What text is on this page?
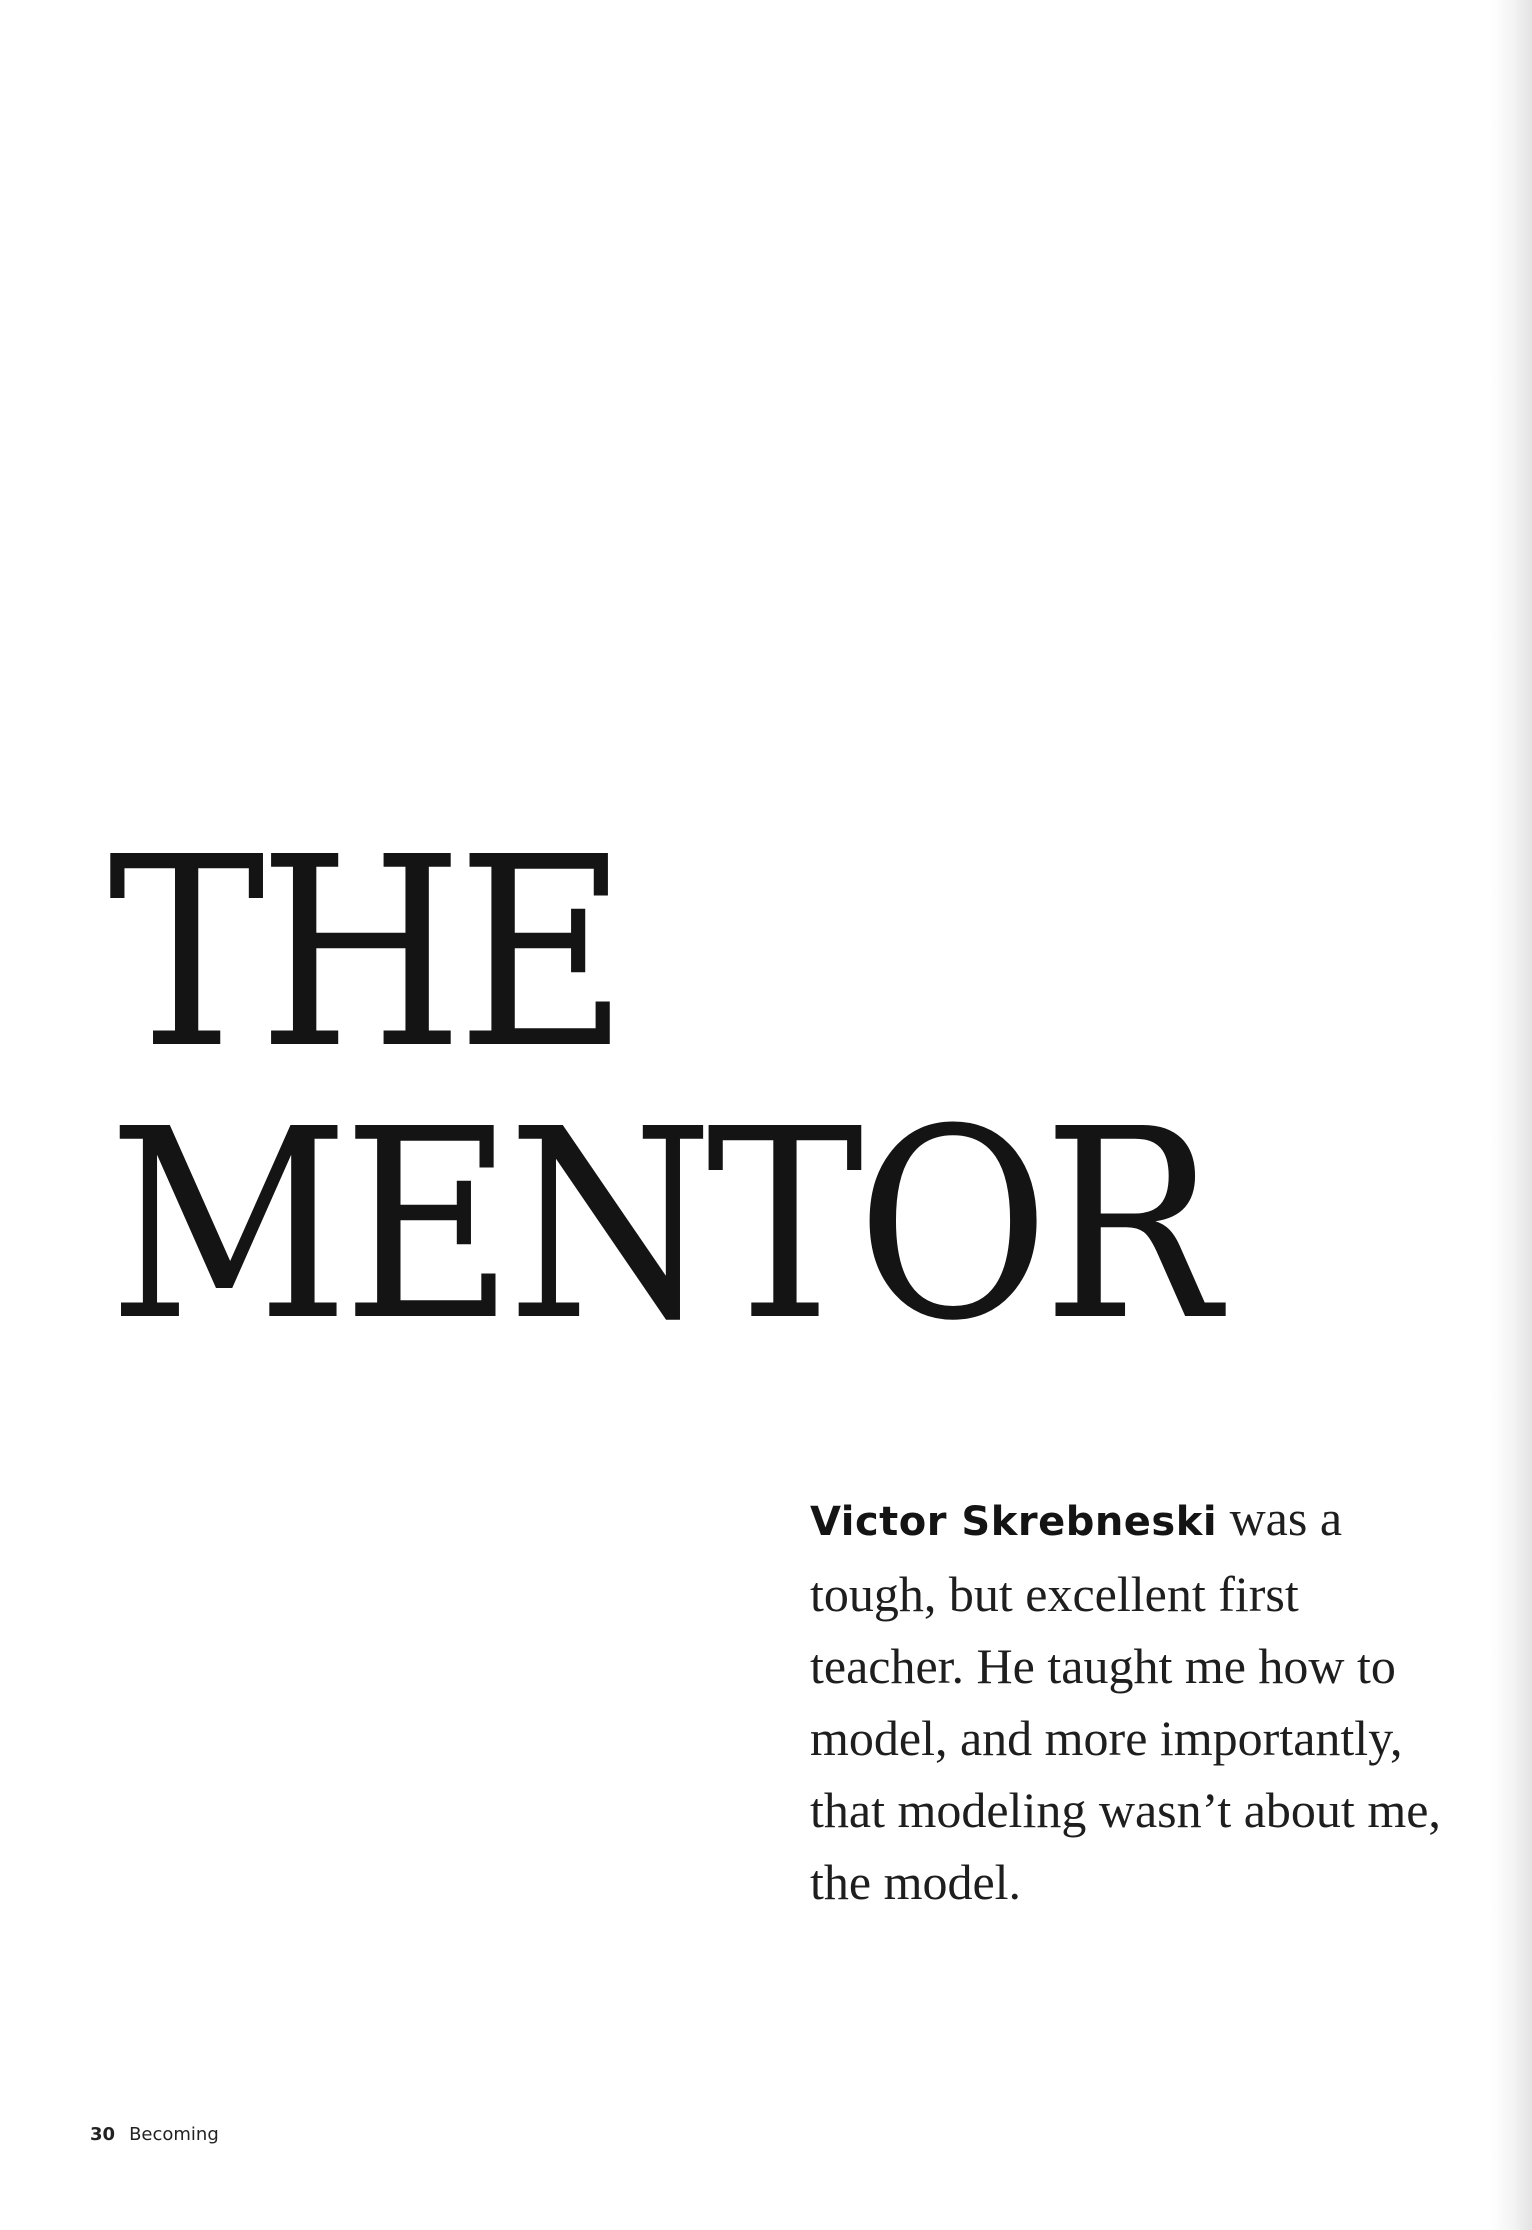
THE
MENTOR

Victor Skrebneski was a tough, but excellent first teacher. He taught me how to model, and more importantly, that modeling wasn’t about me, the model.

30 Becoming
